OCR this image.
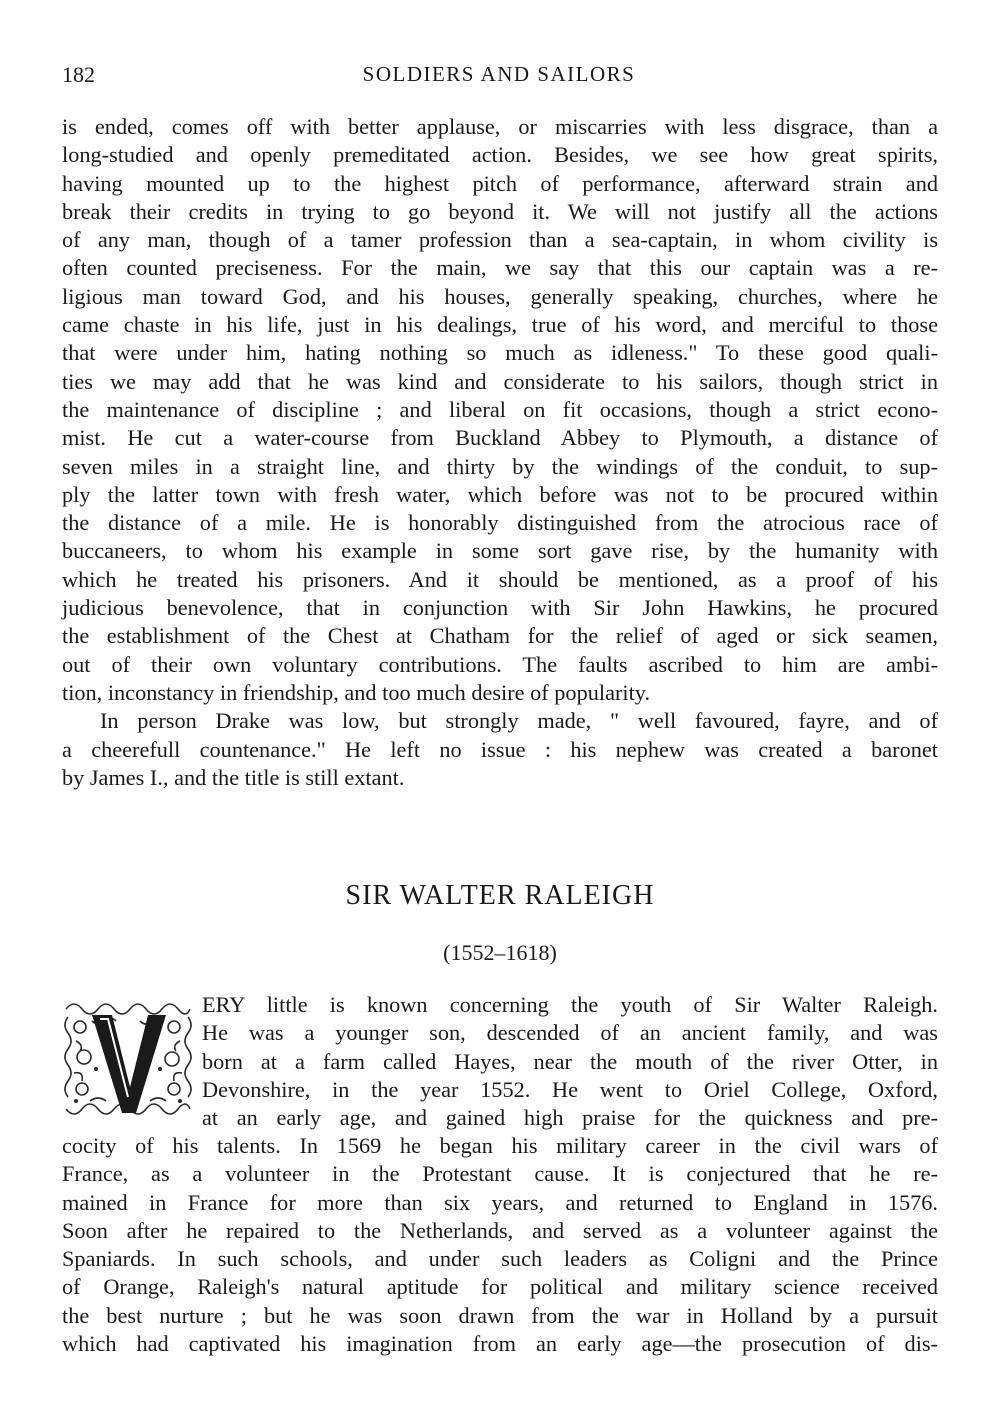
182	SOLDIERS AND SAILORS
is ended, comes off with better applause, or miscarries with less disgrace, than a
long-studied and openly premeditated action. Besides, we see how great spirits,
having mounted up to the highest pitch of performance, afterward strain and
break their credits in trying to go beyond it. We will not justify all the actions
of any man, though of a tamer profession than a sea-captain, in whom civility is
often counted preciseness. For the main, we say that this our captain was a re-
ligious man toward God, and his houses, generally speaking, churches, where he
came chaste in his life, just in his dealings, true of his word, and merciful to those
that were under him, hating nothing so much as idleness." To these good quali-
ties we may add that he was kind and considerate to his sailors, though strict in
the maintenance of discipline ; and liberal on fit occasions, though a strict econo-
mist. He cut a water-course from Buckland Abbey to Plymouth, a distance of
seven miles in a straight line, and thirty by the windings of the conduit, to sup-
ply the latter town with fresh water, which before was not to be procured within
the distance of a mile. He is honorably distinguished from the atrocious race of
buccaneers, to whom his example in some sort gave rise, by the humanity with
which he treated his prisoners. And it should be mentioned, as a proof of his
judicious benevolence, that in conjunction with Sir John Hawkins, he procured
the establishment of the Chest at Chatham for the relief of aged or sick seamen,
out of their own voluntary contributions. The faults ascribed to him are ambi-
tion, inconstancy in friendship, and too much desire of popularity.
In person Drake was low, but strongly made, " well favoured, fayre, and of
a cheerefull countenance." He left no issue : his nephew was created a baronet
by James I., and the title is still extant.
SIR WALTER RALEIGH
(1552–1618)
ERY little is known concerning the youth of Sir Walter Raleigh.
He was a younger son, descended of an ancient family, and was
born at a farm called Hayes, near the mouth of the river Otter, in
Devonshire, in the year 1552. He went to Oriel College, Oxford,
at an early age, and gained high praise for the quickness and pre-
cocity of his talents. In 1569 he began his military career in the civil wars of
France, as a volunteer in the Protestant cause. It is conjectured that he re-
mained in France for more than six years, and returned to England in 1576.
Soon after he repaired to the Netherlands, and served as a volunteer against the
Spaniards. In such schools, and under such leaders as Coligni and the Prince
of Orange, Raleigh's natural aptitude for political and military science received
the best nurture ; but he was soon drawn from the war in Holland by a pursuit
which had captivated his imagination from an early age—the prosecution of dis-
